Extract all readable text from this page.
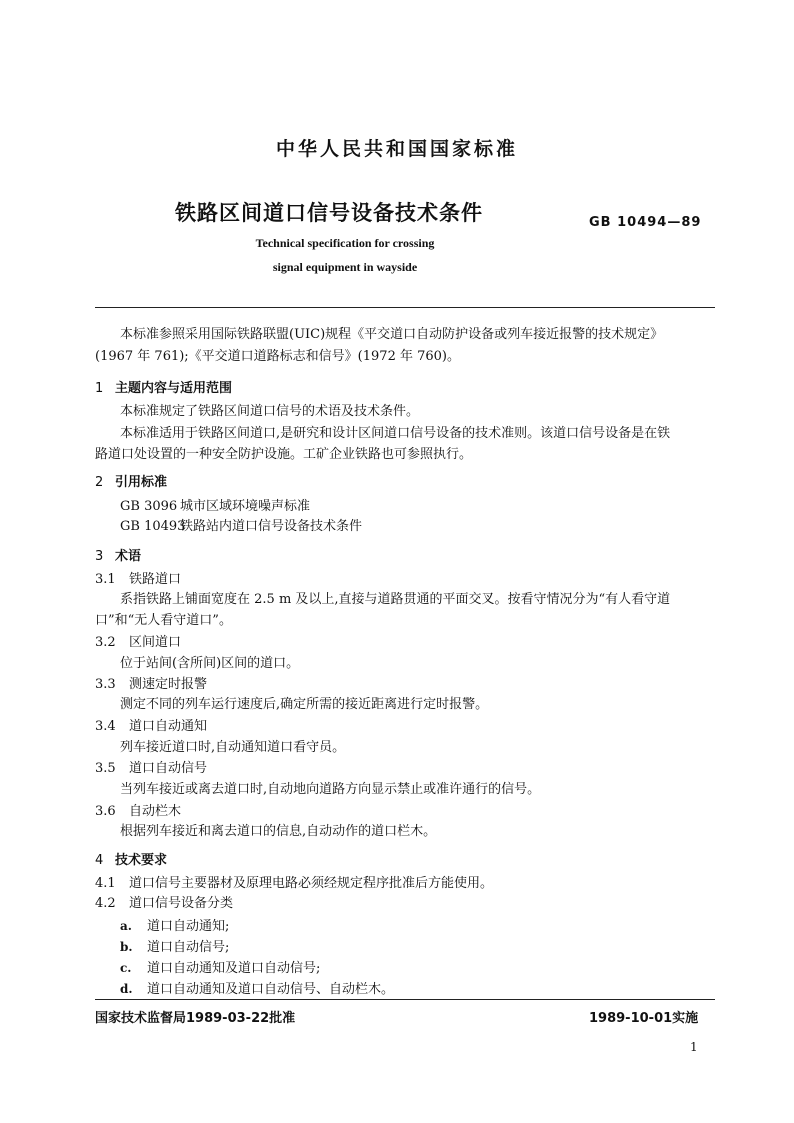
中华人民共和国国家标准
铁路区间道口信号设备技术条件	GB 10494—89
Technical specification for crossing
signal equipment in wayside
本标准参照采用国际铁路联盟(UIC)规程《平交道口自动防护设备或列车接近报警的技术规定》
(1967 年 761);《平交道口道路标志和信号》(1972 年 760)。
1 主题内容与适用范围
本标准规定了铁路区间道口信号的术语及技术条件。
本标准适用于铁路区间道口,是研究和设计区间道口信号设备的技术准则。该道口信号设备是在铁
路道口处设置的一种安全防护设施。工矿企业铁路也可参照执行。
2 引用标准
GB 3096 城市区域环境噪声标准
GB 10493铁路站内道口信号设备技术条件
3 术语
3.1 铁路道口
系指铁路上铺面宽度在 2.5 m 及以上,直接与道路贯通的平面交叉。按看守情况分为“有人看守道
口”和“无人看守道口”。
3.2 区间道口
位于站间(含所间)区间的道口。
3.3 测速定时报警
测定不同的列车运行速度后,确定所需的接近距离进行定时报警。
3.4 道口自动通知
列车接近道口时,自动通知道口看守员。
3.5 道口自动信号
当列车接近或离去道口时,自动地向道路方向显示禁止或准许通行的信号。
3.6 自动栏木
根据列车接近和离去道口的信息,自动动作的道口栏木。
4 技术要求
4.1 道口信号主要器材及原理电路必须经规定程序批准后方能使用。
4.2 道口信号设备分类
a. 道口自动通知;
b. 道口自动信号;
c. 道口自动通知及道口自动信号;
d. 道口自动通知及道口自动信号、自动栏木。
国家技术监督局1989-03-22批准	1989-10-01实施
1
